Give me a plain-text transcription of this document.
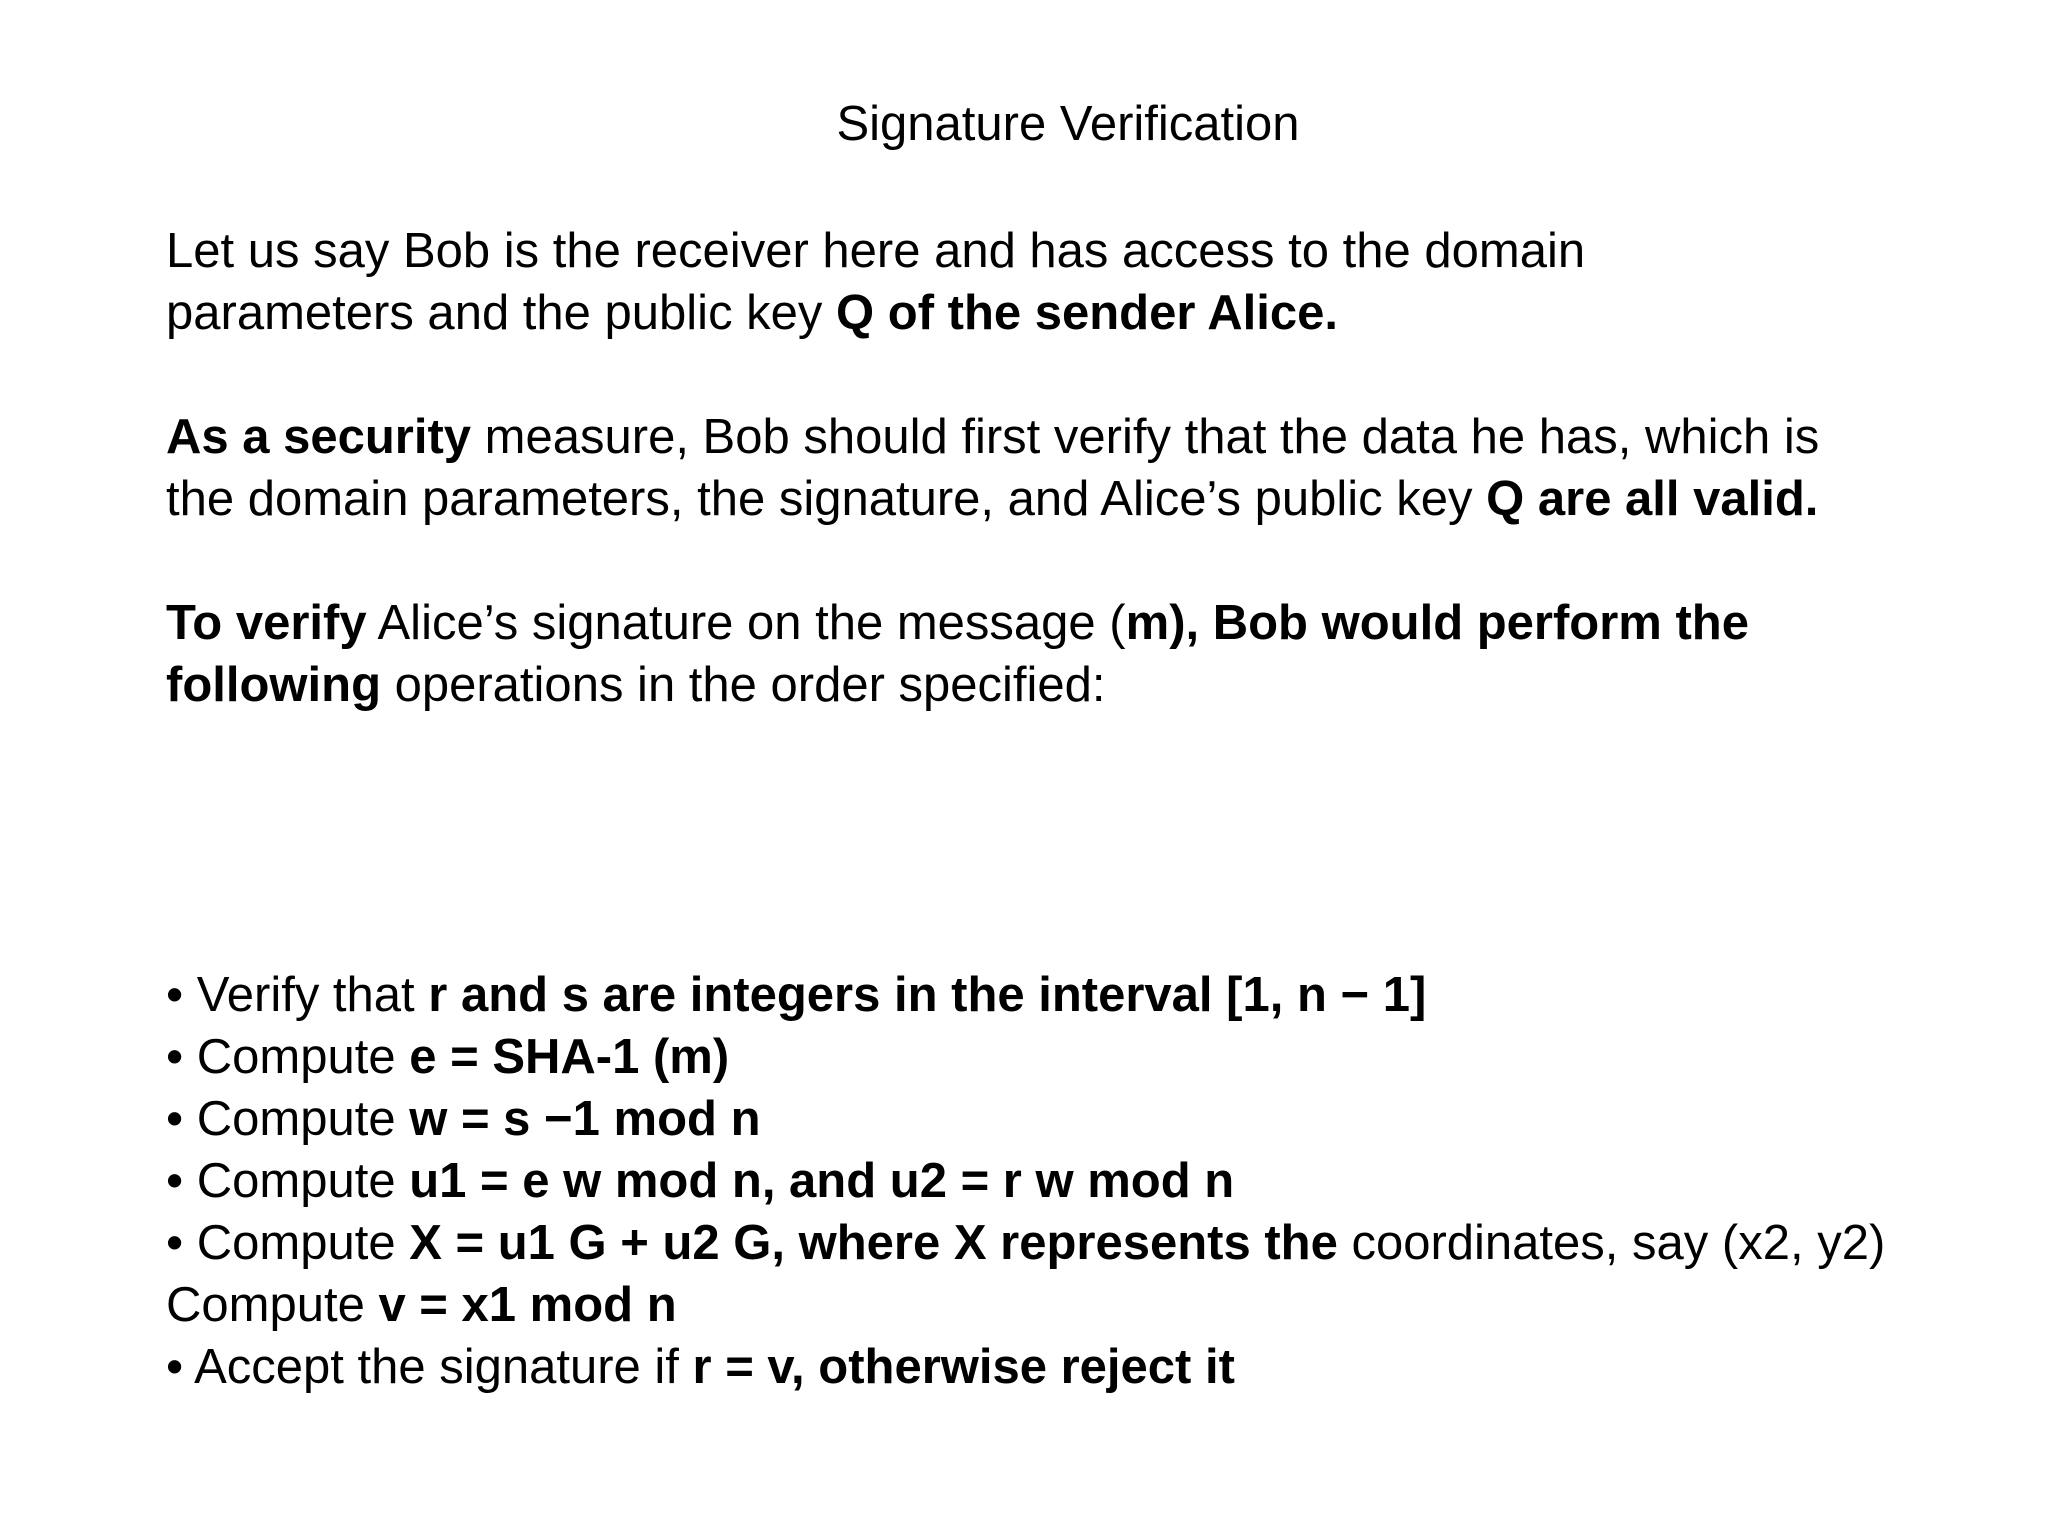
Signature Verification
Let us say Bob is the receiver here and has access to the domain
parameters and the public key Q of the sender Alice.
As a security measure, Bob should first verify that the data he has, which is
the domain parameters, the signature, and Alice’s public key Q are all valid.
To verify Alice’s signature on the message (m), Bob would perform the
following operations in the order specified:
• Verify that r and s are integers in the interval [1, n − 1]
• Compute e = SHA-1 (m)
• Compute w = s −1 mod n
• Compute u1 = e w mod n, and u2 = r w mod n
• Compute X = u1 G + u2 G, where X represents the coordinates, say (x2, y2)
Compute v = x1 mod n
• Accept the signature if r = v, otherwise reject it
